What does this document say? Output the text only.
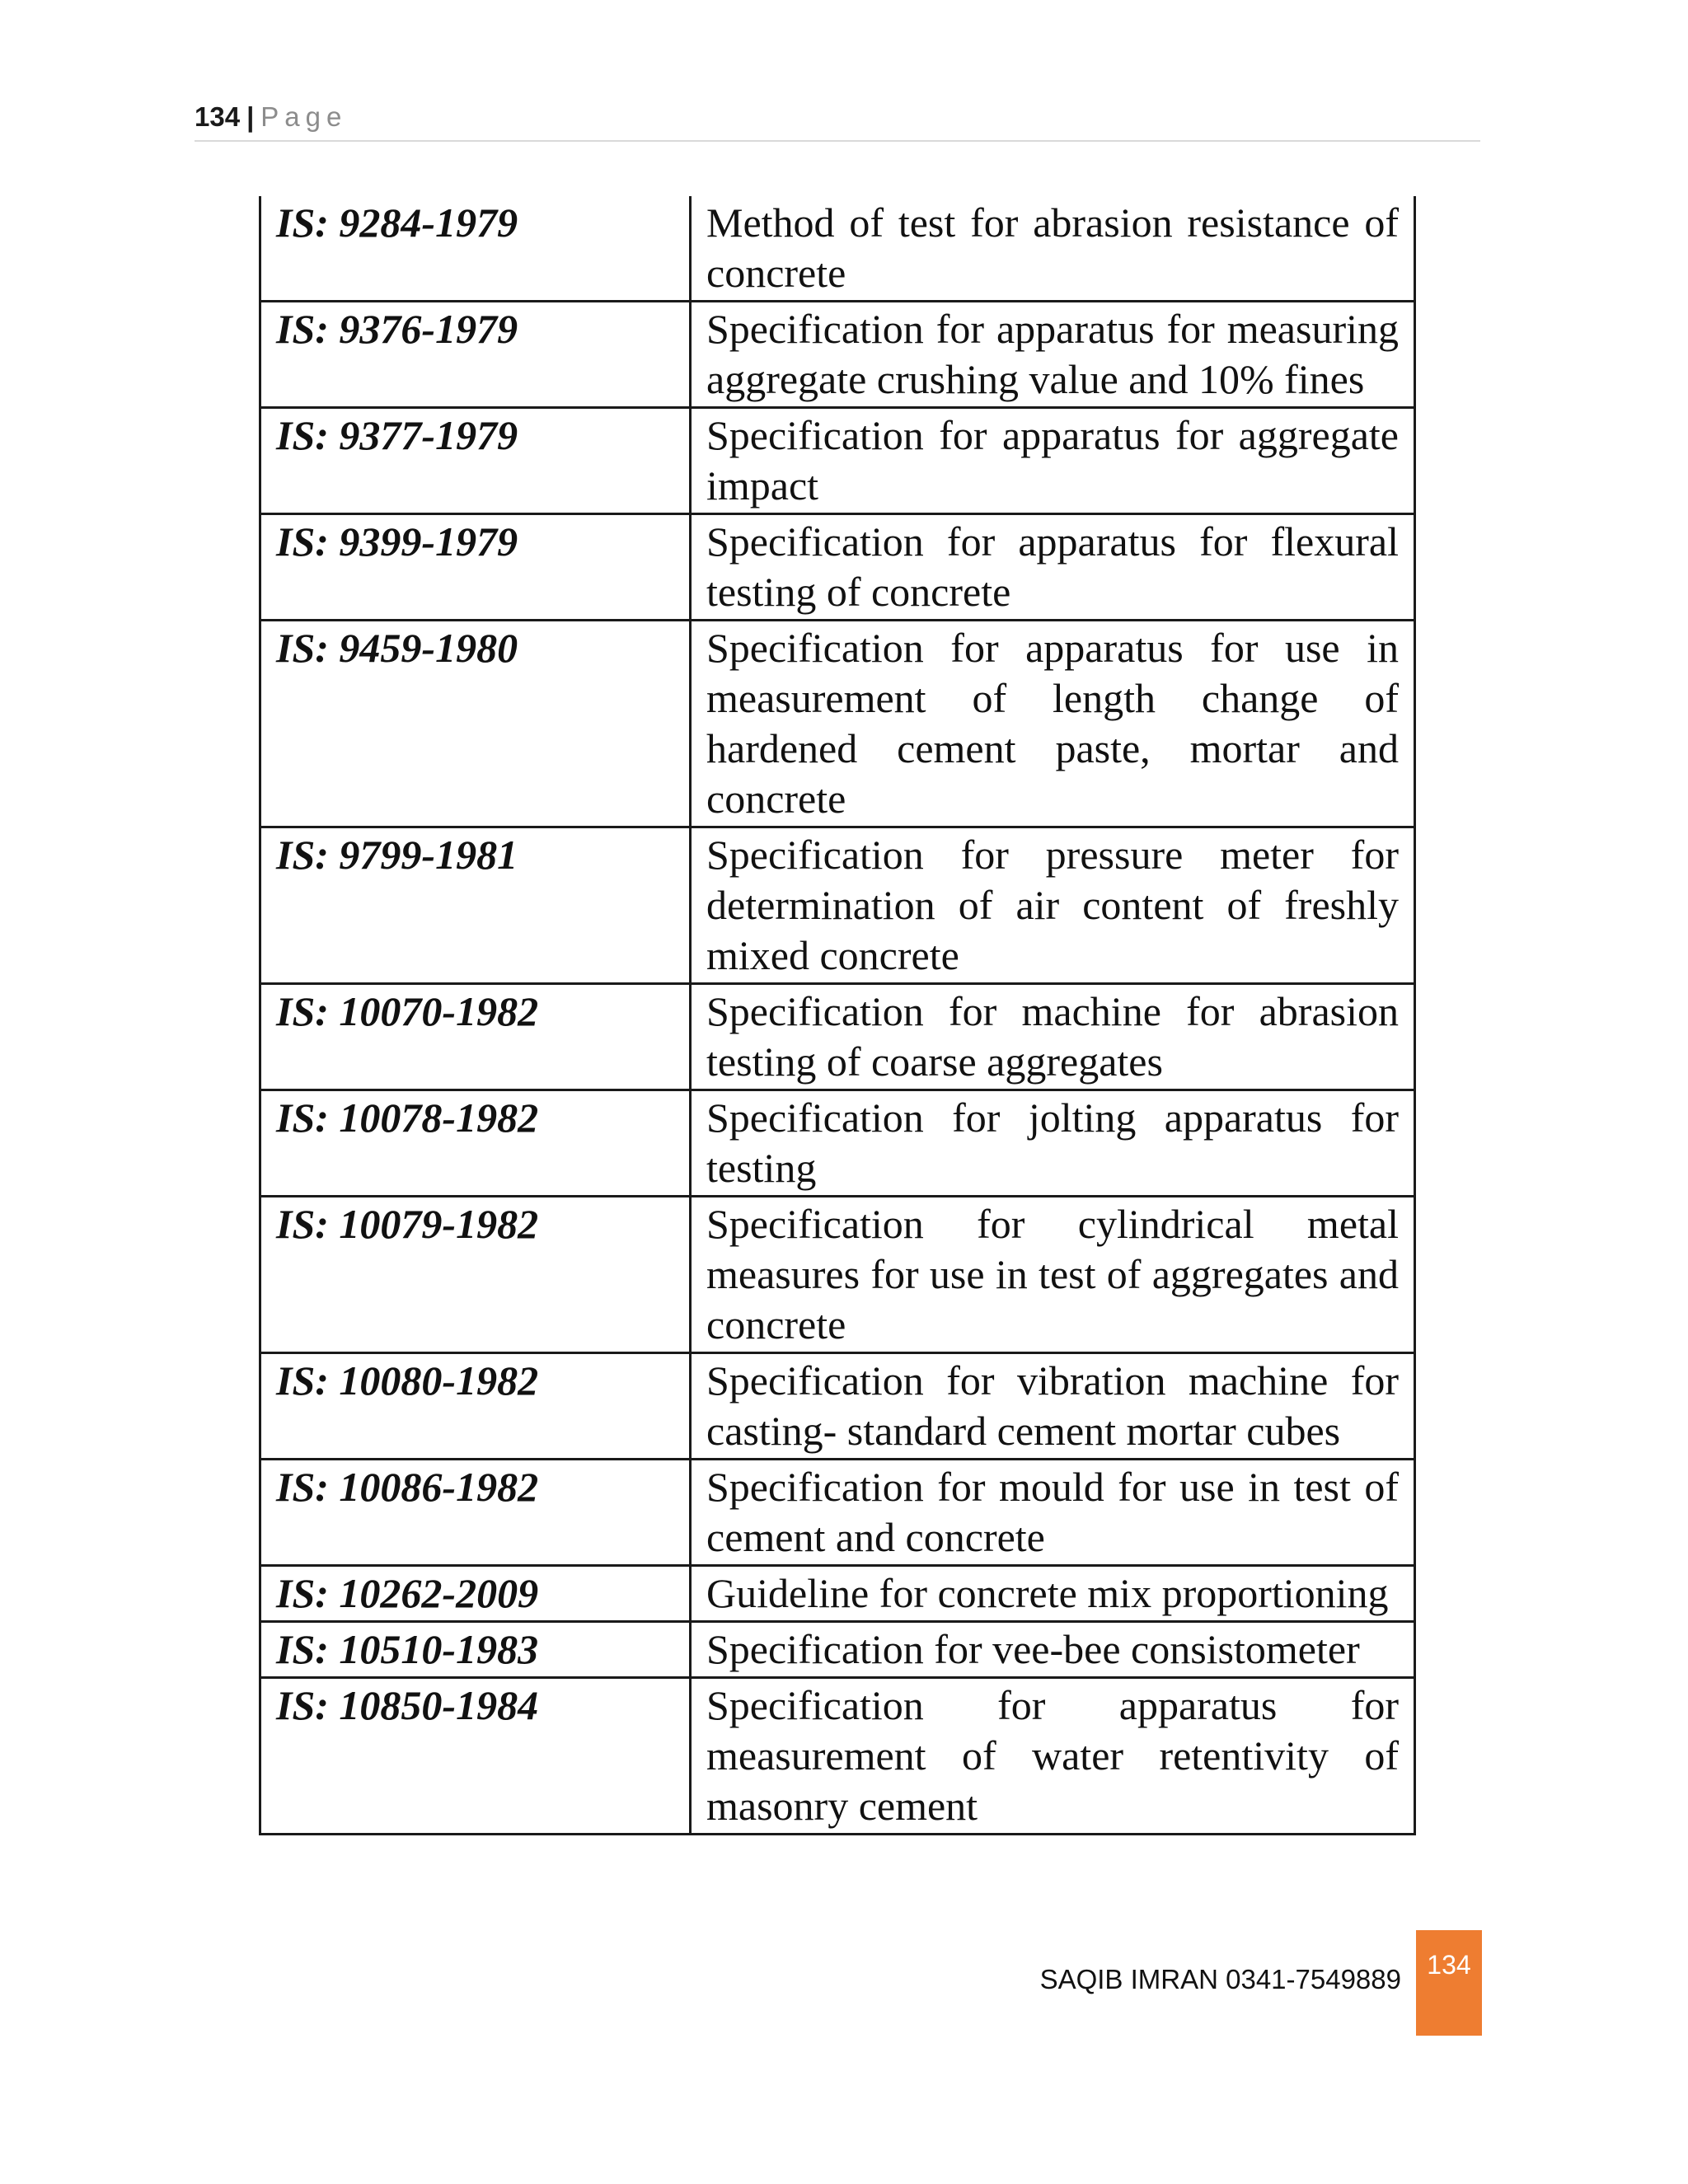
134 | Page
IS: 9284-1979	Method of test for abrasion resistance of concrete
IS: 9376-1979	Specification for apparatus for measuring aggregate crushing value and 10% fines
IS: 9377-1979	Specification for apparatus for aggregate impact
IS: 9399-1979	Specification for apparatus for flexural testing of concrete
IS: 9459-1980	Specification for apparatus for use in measurement of length change of hardened cement paste, mortar and concrete
IS: 9799-1981	Specification for pressure meter for determination of air content of freshly mixed concrete
IS: 10070-1982	Specification for machine for abrasion testing of coarse aggregates
IS: 10078-1982	Specification for jolting apparatus for testing
IS: 10079-1982	Specification for cylindrical metal measures for use in test of aggregates and concrete
IS: 10080-1982	Specification for vibration machine for casting- standard cement mortar cubes
IS: 10086-1982	Specification for mould for use in test of cement and concrete
IS: 10262-2009	Guideline for concrete mix proportioning
IS: 10510-1983	Specification for vee-bee consistometer
IS: 10850-1984	Specification for apparatus for measurement of water retentivity of masonry cement
SAQIB IMRAN 0341-7549889 134
